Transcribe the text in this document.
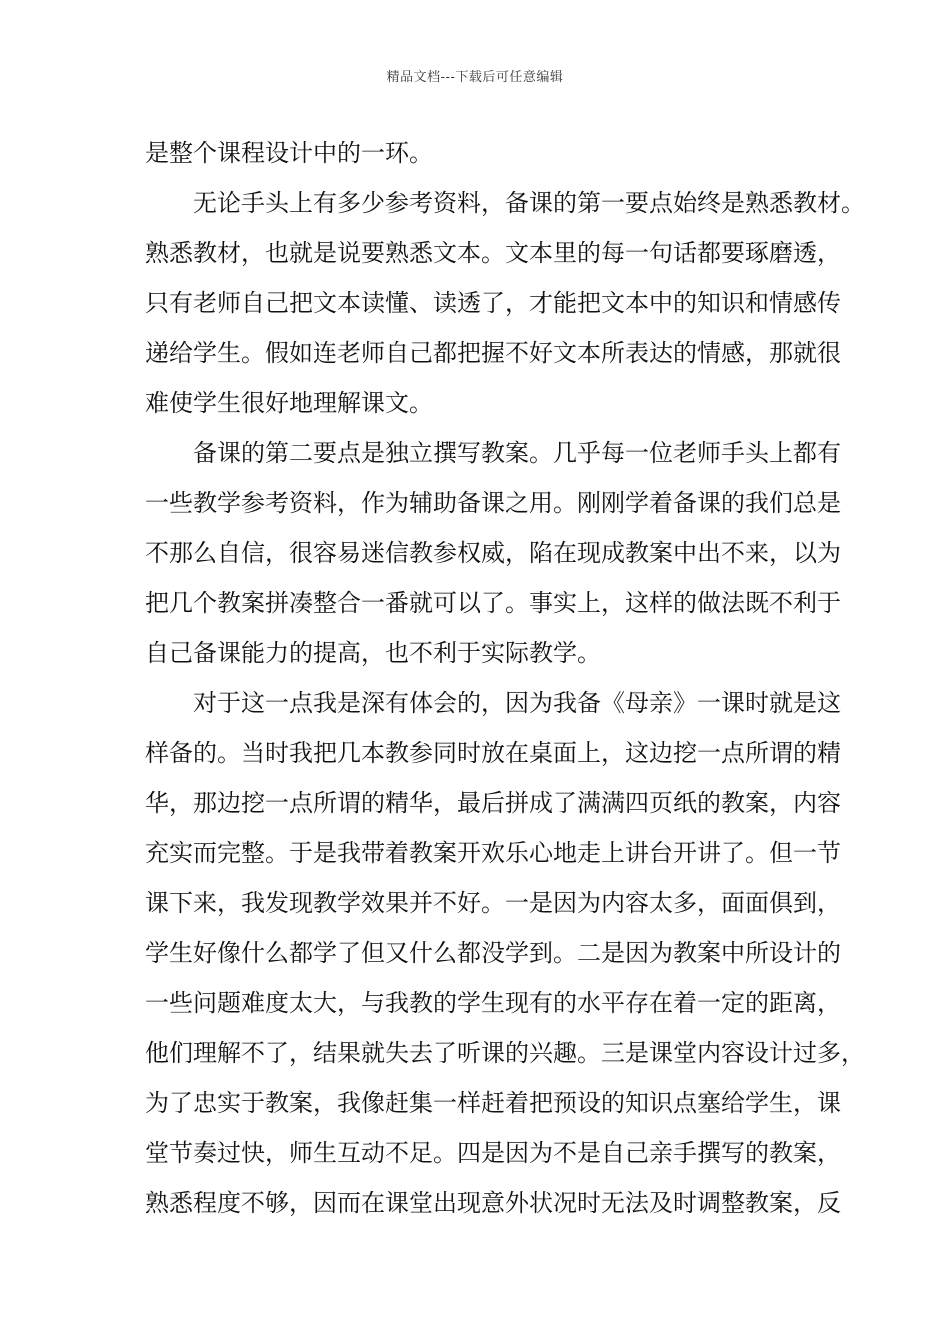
精品文档---下载后可任意编辑
是整个课程设计中的一环。
无论手头上有多少参考资料，备课的第一要点始终是熟悉教材。
熟悉教材，也就是说要熟悉文本。文本里的每一句话都要琢磨透，
只有老师自己把文本读懂、读透了，才能把文本中的知识和情感传
递给学生。假如连老师自己都把握不好文本所表达的情感，那就很
难使学生很好地理解课文。
备课的第二要点是独立撰写教案。几乎每一位老师手头上都有
一些教学参考资料，作为辅助备课之用。刚刚学着备课的我们总是
不那么自信，很容易迷信教参权威，陷在现成教案中出不来，以为
把几个教案拼凑整合一番就可以了。事实上，这样的做法既不利于
自己备课能力的提高，也不利于实际教学。
对于这一点我是深有体会的，因为我备《母亲》一课时就是这
样备的。当时我把几本教参同时放在桌面上，这边挖一点所谓的精
华，那边挖一点所谓的精华，最后拼成了满满四页纸的教案，内容
充实而完整。于是我带着教案开欢乐心地走上讲台开讲了。但一节
课下来，我发现教学效果并不好。一是因为内容太多，面面俱到，
学生好像什么都学了但又什么都没学到。二是因为教案中所设计的
一些问题难度太大，与我教的学生现有的水平存在着一定的距离，
他们理解不了，结果就失去了听课的兴趣。三是课堂内容设计过多，
为了忠实于教案，我像赶集一样赶着把预设的知识点塞给学生，课
堂节奏过快，师生互动不足。四是因为不是自己亲手撰写的教案，
熟悉程度不够，因而在课堂出现意外状况时无法及时调整教案，反
